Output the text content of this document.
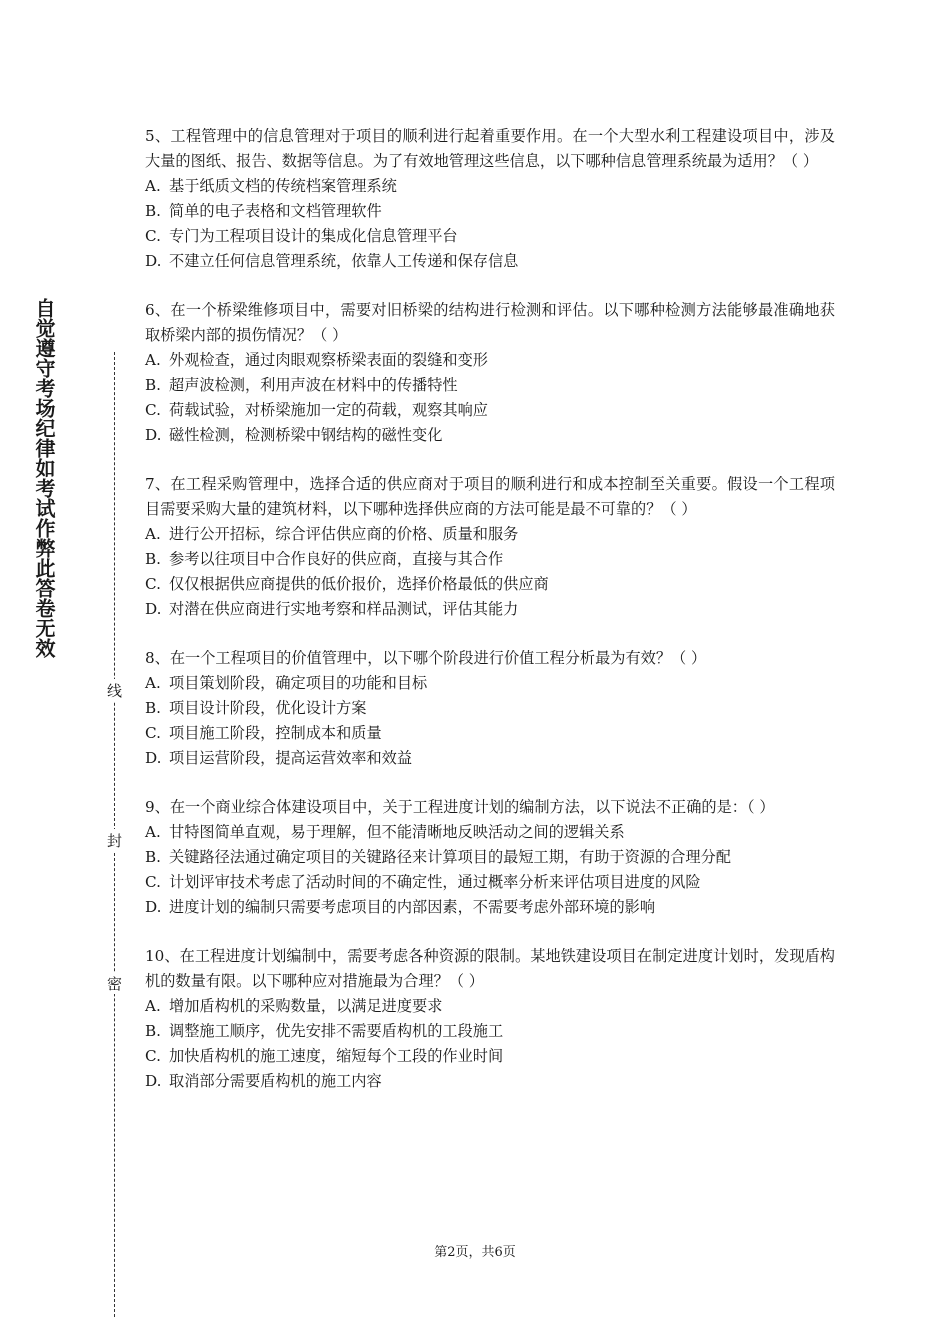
自觉遵守考场纪律如考试作弊此答卷无效
线
封
密

5、工程管理中的信息管理对于项目的顺利进行起着重要作用。在一个大型水利工程建设项目中，涉及大量的图纸、报告、数据等信息。为了有效地管理这些信息，以下哪种信息管理系统最为适用？（ ）

A. 基于纸质文档的传统档案管理系统

B. 简单的电子表格和文档管理软件

C. 专门为工程项目设计的集成化信息管理平台

D. 不建立任何信息管理系统，依靠人工传递和保存信息

6、在一个桥梁维修项目中，需要对旧桥梁的结构进行检测和评估。以下哪种检测方法能够最准确地获取桥梁内部的损伤情况？（ ）

A. 外观检查，通过肉眼观察桥梁表面的裂缝和变形

B. 超声波检测，利用声波在材料中的传播特性

C. 荷载试验，对桥梁施加一定的荷载，观察其响应

D. 磁性检测，检测桥梁中钢结构的磁性变化

7、在工程采购管理中，选择合适的供应商对于项目的顺利进行和成本控制至关重要。假设一个工程项目需要采购大量的建筑材料，以下哪种选择供应商的方法可能是最不可靠的？（ ）

A. 进行公开招标，综合评估供应商的价格、质量和服务

B. 参考以往项目中合作良好的供应商，直接与其合作

C. 仅仅根据供应商提供的低价报价，选择价格最低的供应商

D. 对潜在供应商进行实地考察和样品测试，评估其能力

8、在一个工程项目的价值管理中，以下哪个阶段进行价值工程分析最为有效？（ ）

A. 项目策划阶段，确定项目的功能和目标

B. 项目设计阶段，优化设计方案

C. 项目施工阶段，控制成本和质量

D. 项目运营阶段，提高运营效率和效益

9、在一个商业综合体建设项目中，关于工程进度计划的编制方法，以下说法不正确的是：（ ）

A. 甘特图简单直观，易于理解，但不能清晰地反映活动之间的逻辑关系

B. 关键路径法通过确定项目的关键路径来计算项目的最短工期，有助于资源的合理分配

C. 计划评审技术考虑了活动时间的不确定性，通过概率分析来评估项目进度的风险

D. 进度计划的编制只需要考虑项目的内部因素，不需要考虑外部环境的影响

10、在工程进度计划编制中，需要考虑各种资源的限制。某地铁建设项目在制定进度计划时，发现盾构机的数量有限。以下哪种应对措施最为合理？（ ）

A. 增加盾构机的采购数量，以满足进度要求

B. 调整施工顺序，优先安排不需要盾构机的工段施工

C. 加快盾构机的施工速度，缩短每个工段的作业时间

D. 取消部分需要盾构机的施工内容

第2页，共6页
